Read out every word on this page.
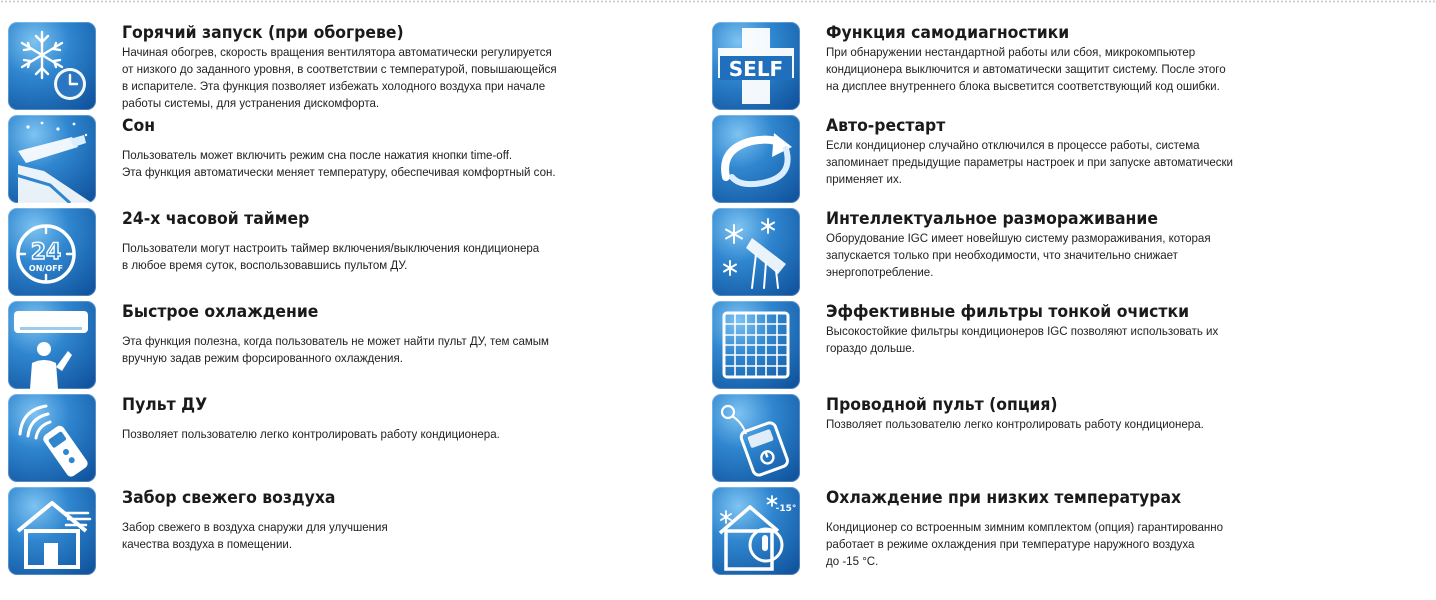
Горячий запуск (при обогреве)

Начиная обогрев, скорость вращения вентилятора автоматически регулируется
от низкого до заданного уровня, в соответствии с температурой, повышающейся
в испарителе. Эта функция позволяет избежать холодного воздуха при начале
работы системы, для устранения дискомфорта.

Сон

Пользователь может включить режим сна после нажатия кнопки time-off.
Эта функция автоматически меняет температуру, обеспечивая комфортный сон.

24
ON/OFF

24-х часовой таймер

Пользователи могут настроить таймер включения/выключения кондиционера
в любое время суток, воспользовавшись пультом ДУ.

Быстрое охлаждение

Эта функция полезна, когда пользователь не может найти пульт ДУ, тем самым
вручную задав режим форсированного охлаждения.

Пульт ДУ

Позволяет пользователю легко контролировать работу кондиционера.

Забор свежего воздуха

Забор свежего в воздуха снаружи для улучшения
качества воздуха в помещении.

SELF

Функция самодиагностики

При обнаружении нестандартной работы или сбоя, микрокомпьютер
кондиционера выключится и автоматически защитит систему. После этого
на дисплее внутреннего блока высветится соответствующий код ошибки.

Авто-рестарт

Если кондиционер случайно отключился в процессе работы, система
запоминает предыдущие параметры настроек и при запуске автоматически
применяет их.

Интеллектуальное размораживание

Оборудование IGC имеет новейшую систему размораживания, которая
запускается только при необходимости, что значительно снижает
энергопотребление.

Эффективные фильтры тонкой очистки

Высокостойкие фильтры кондиционеров IGC позволяют использовать их
гораздо дольше.

Проводной пульт (опция)

Позволяет пользователю легко контролировать работу кондиционера.

-15°

Охлаждение при низких температурах

Кондиционер со встроенным зимним комплектом (опция) гарантированно
работает в режиме охлаждения при температуре наружного воздуха
до -15 °С.
